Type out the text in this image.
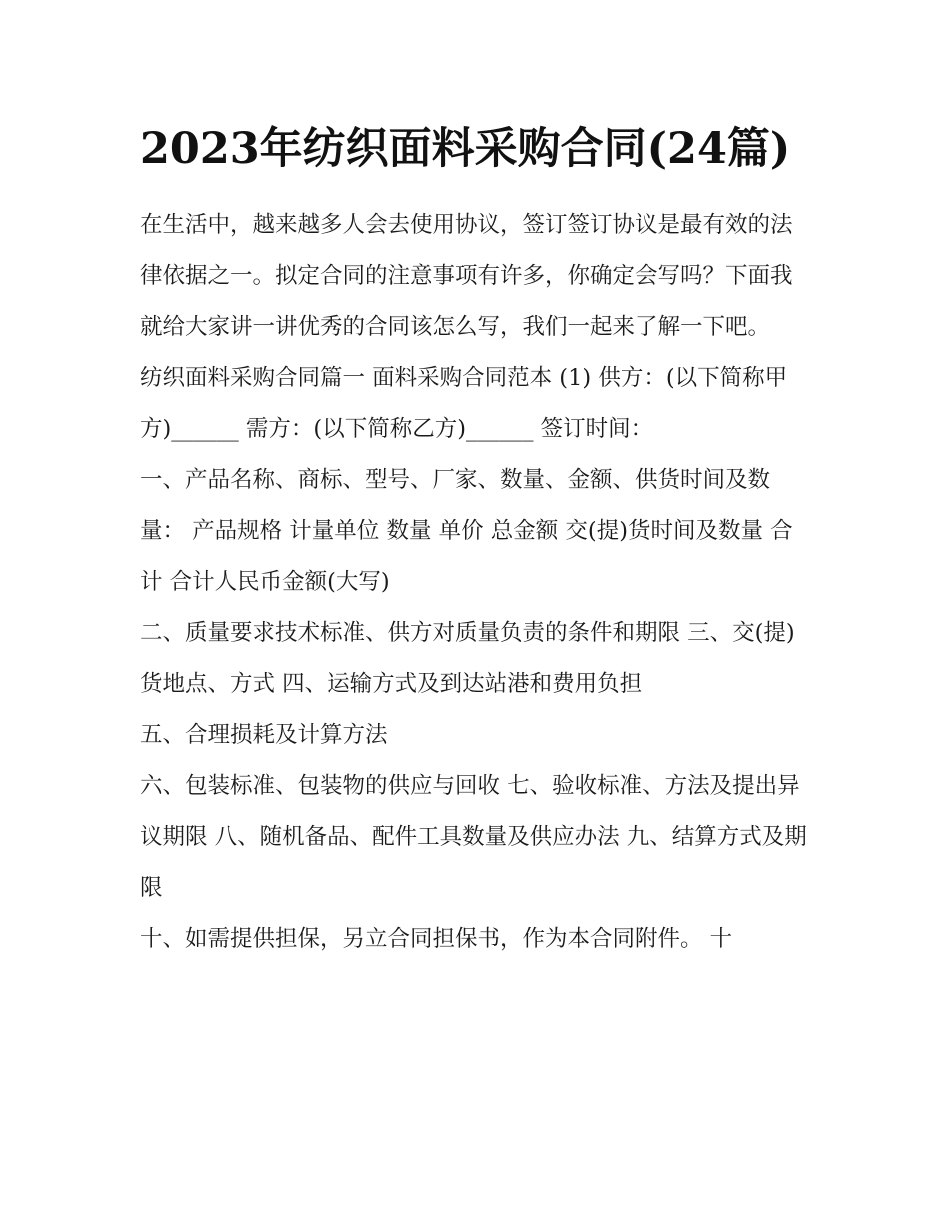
2023年纺织面料采购合同(24篇)

在生活中，越来越多人会去使用协议，签订签订协议是最有效的法律依据之一。拟定合同的注意事项有许多，你确定会写吗？下面我就给大家讲一讲优秀的合同该怎么写，我们一起来了解一下吧。

纺织面料采购合同篇一 面料采购合同范本 (1) 供方：(以下简称甲方)______ 需方：(以下简称乙方)______ 签订时间：

一、产品名称、商标、型号、厂家、数量、金额、供货时间及数量： 产品规格 计量单位 数量 单价 总金额 交(提)货时间及数量 合计 合计人民币金额(大写)

二、质量要求技术标准、供方对质量负责的条件和期限 三、交(提)货地点、方式 四、运输方式及到达站港和费用负担

五、合理损耗及计算方法

六、包装标准、包装物的供应与回收 七、验收标准、方法及提出异议期限 八、随机备品、配件工具数量及供应办法 九、结算方式及期限

十、如需提供担保，另立合同担保书，作为本合同附件。 十
